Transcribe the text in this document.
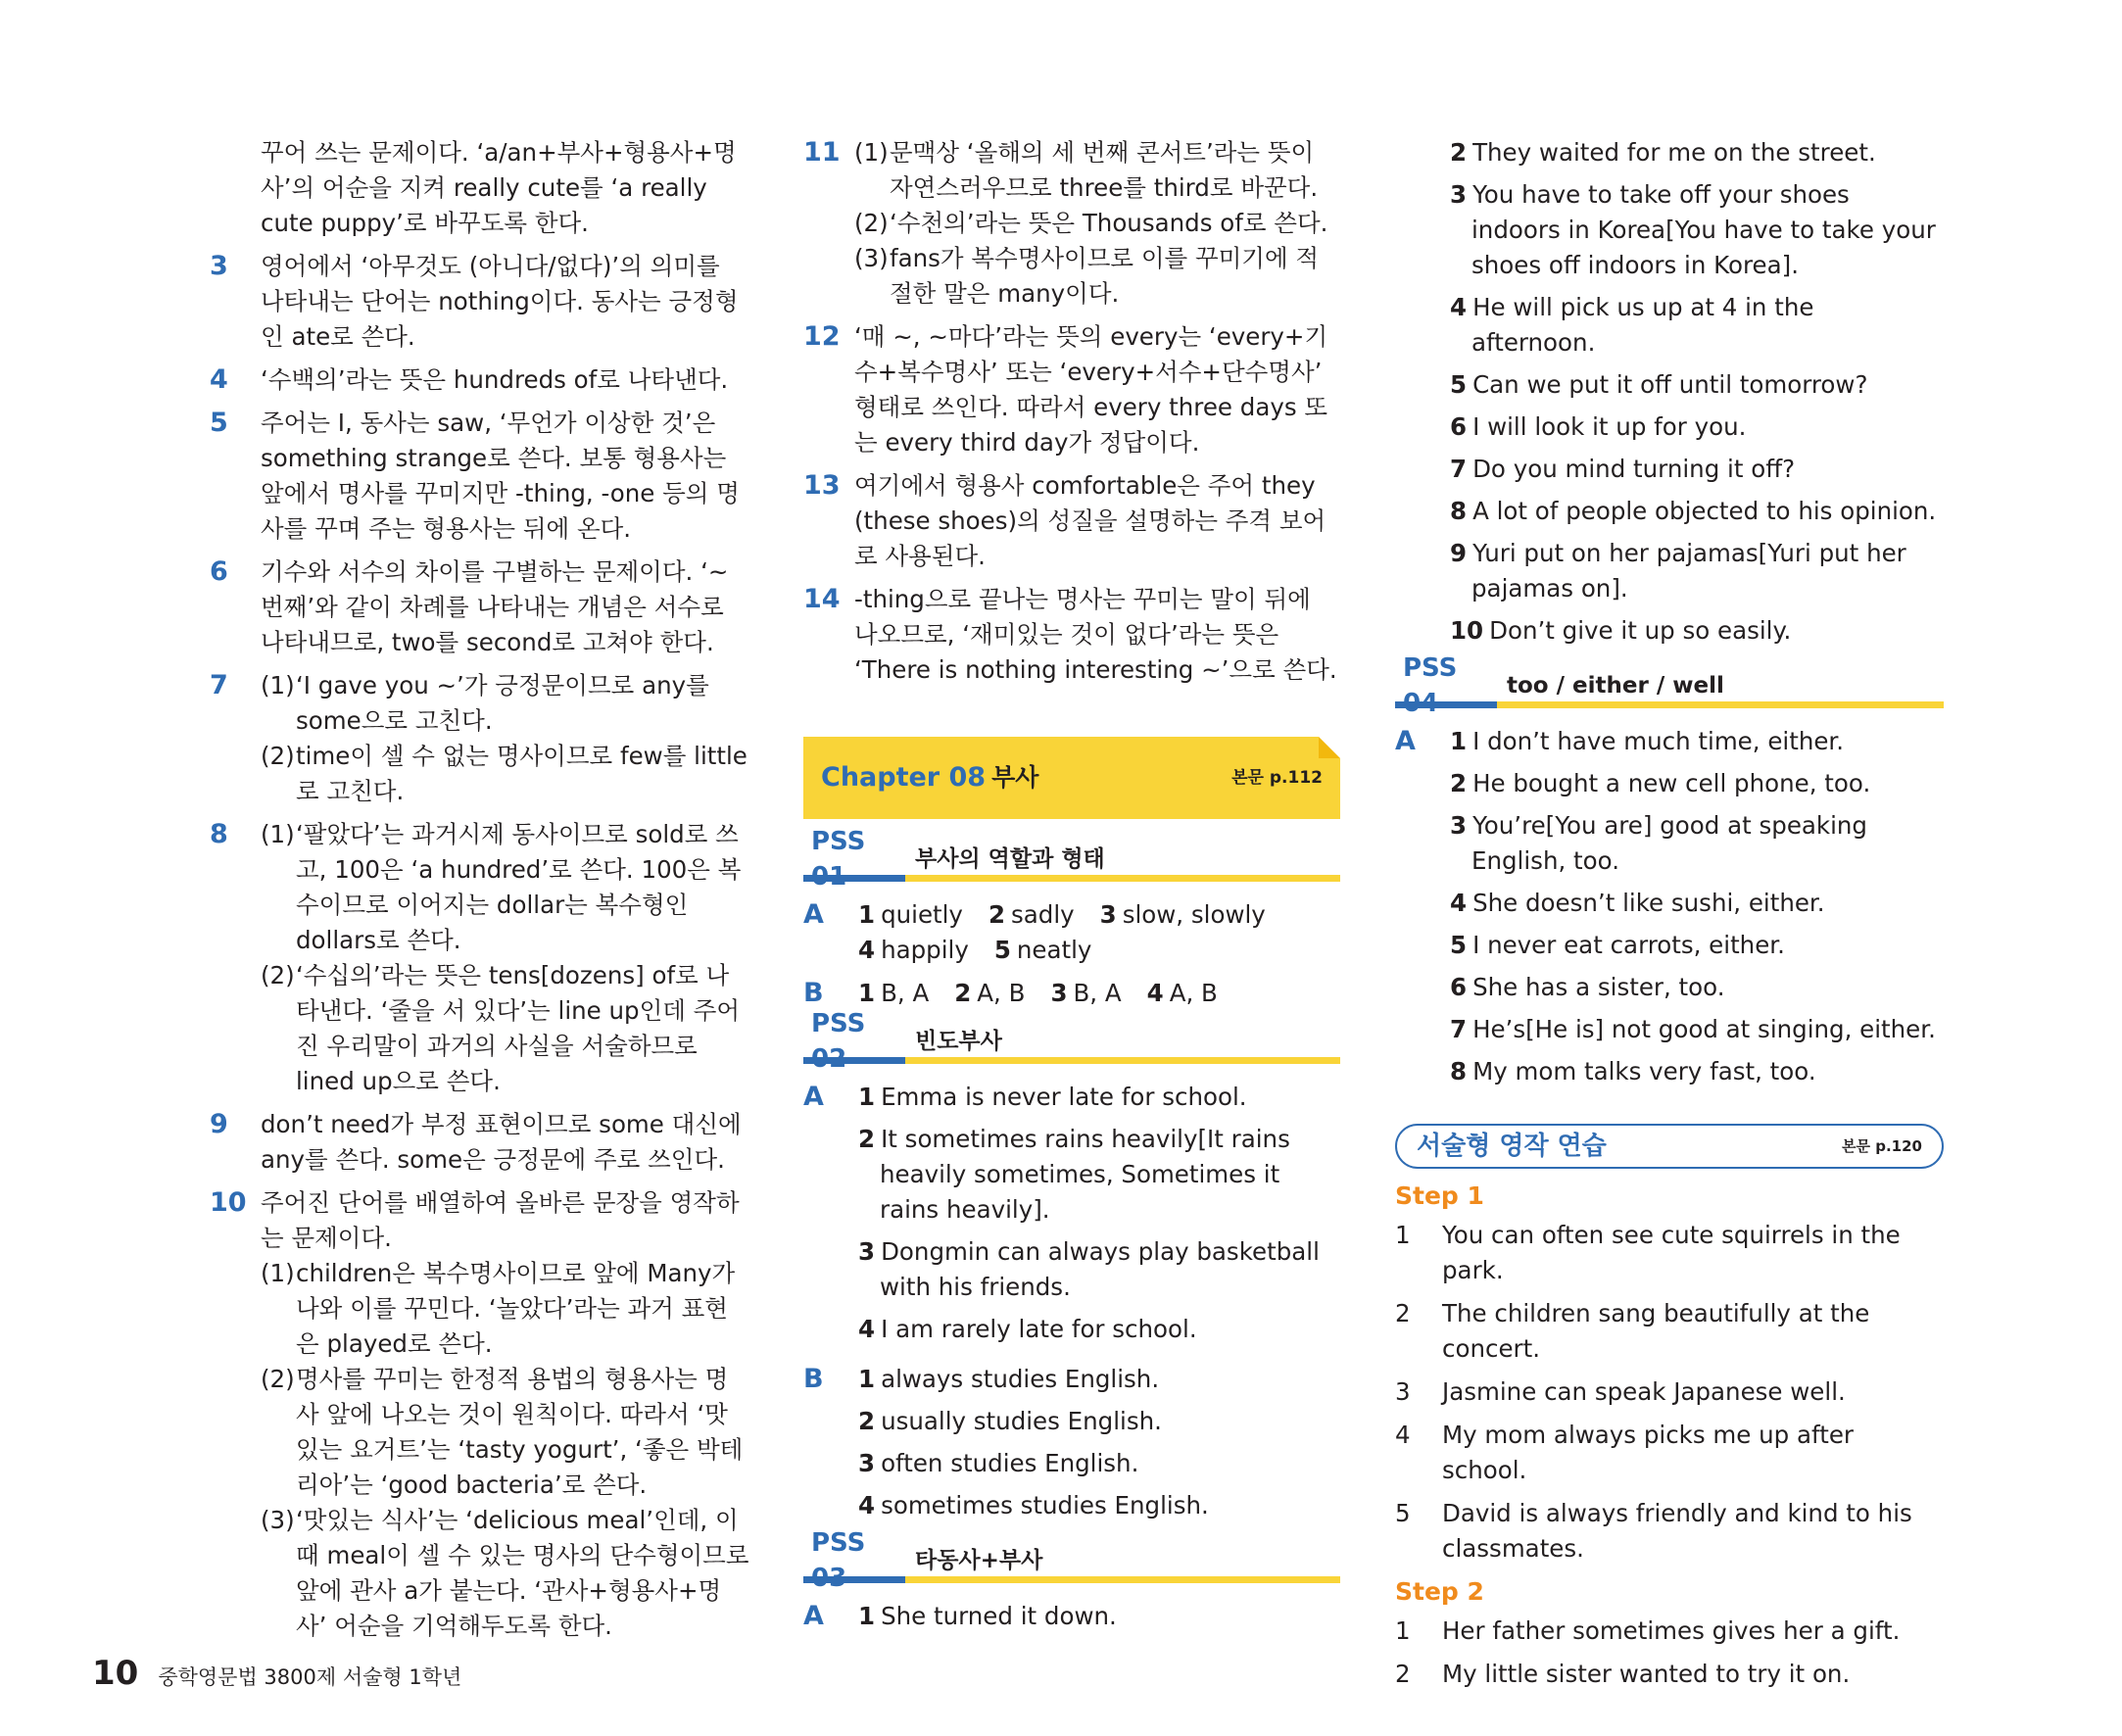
꾸어 쓰는 문제이다. ‘a/an+부사+형용사+명사’의 어순을 지켜 really cute를 ‘a really cute puppy’로 바꾸도록 한다.
3	영어에서 ‘아무것도 (아니다/없다)’의 의미를 나타내는 단어는 nothing이다. 동사는 긍정형인 ate로 쓴다.
4	‘수백의’라는 뜻은 hundreds of로 나타낸다.
5	주어는 I, 동사는 saw, ‘무언가 이상한 것’은 something strange로 쓴다. 보통 형용사는 앞에서 명사를 꾸미지만 -thing, -one 등의 명사를 꾸며 주는 형용사는 뒤에 온다.
6	기수와 서수의 차이를 구별하는 문제이다. ‘~번째’와 같이 차례를 나타내는 개념은 서수로 나타내므로, two를 second로 고쳐야 한다.
7	(1)‘I gave you ~’가 긍정문이므로 any를 some으로 고친다.
(2)time이 셀 수 없는 명사이므로 few를 little로 고친다.
8	(1)‘팔았다’는 과거시제 동사이므로 sold로 쓰고, 100은 ‘a hundred’로 쓴다. 100은 복수이므로 이어지는 dollar는 복수형인 dollars로 쓴다.
(2)‘수십의’라는 뜻은 tens[dozens] of로 나타낸다. ‘줄을 서 있다’는 line up인데 주어진 우리말이 과거의 사실을 서술하므로 lined up으로 쓴다.
9	don’t need가 부정 표현이므로 some 대신에 any를 쓴다. some은 긍정문에 주로 쓰인다.
10 주어진 단어를 배열하여 올바른 문장을 영작하는 문제이다.
(1)children은 복수명사이므로 앞에 Many가 나와 이를 꾸민다. ‘놀았다’라는 과거 표현은 played로 쓴다.
(2)명사를 꾸미는 한정적 용법의 형용사는 명사 앞에 나오는 것이 원칙이다. 따라서 ‘맛있는 요거트’는 ‘tasty yogurt’, ‘좋은 박테리아’는 ‘good bacteria’로 쓴다.
(3)‘맛있는 식사’는 ‘delicious meal’인데, 이때 meal이 셀 수 있는 명사의 단수형이므로 앞에 관사 a가 붙는다. ‘관사+형용사+명사’ 어순을 기억해두도록 한다.
11 (1)문맥상 ‘올해의 세 번째 콘서트’라는 뜻이 자연스러우므로 three를 third로 바꾼다.
(2)‘수천의’라는 뜻은 Thousands of로 쓴다.
(3)fans가 복수명사이므로 이를 꾸미기에 적절한 말은 many이다.
12 ‘매 ~, ~마다’라는 뜻의 every는 ‘every+기수+복수명사’ 또는 ‘every+서수+단수명사’ 형태로 쓰인다. 따라서 every three days 또는 every third day가 정답이다.
13 여기에서 형용사 comfortable은 주어 they (these shoes)의 성질을 설명하는 주격 보어로 사용된다.
14 -thing으로 끝나는 명사는 꾸미는 말이 뒤에 나오므로, ‘재미있는 것이 없다’라는 뜻은 ‘There is nothing interesting ~’으로 쓴다.
Chapter 08 부사	본문 p.112
PSS
부사의 역할과 형태
A	1 quietly 2 sadly 3 slow, slowly
4 happily 5 neatly
B	1 B, A 2 A, B 3 B, A 4 A, B
PSS
빈도부사
A	1 Emma is never late for school.
2 It sometimes rains heavily[It rains heavily sometimes, Sometimes it rains heavily].
3 Dongmin can always play basketball with his friends.
4 I am rarely late for school.
B	1 always studies English.
2 usually studies English.
3 often studies English.
4 sometimes studies English.
PSS
타동사+부사
A	1 She turned it down.
2 They waited for me on the street.
3 You have to take off your shoes indoors in Korea[You have to take your shoes off indoors in Korea].
4 He will pick us up at 4 in the afternoon.
5 Can we put it off until tomorrow?
6 I will look it up for you.
7 Do you mind turning it off?
8 A lot of people objected to his opinion.
9 Yuri put on her pajamas[Yuri put her pajamas on].
10 Don’t give it up so easily.
PSS
too / either / well
A	1 I don’t have much time, either.
2 He bought a new cell phone, too.
3 You’re[You are] good at speaking English, too.
4 She doesn’t like sushi, either.
5 I never eat carrots, either.
6 She has a sister, too.
7 He’s[He is] not good at singing, either.
8 My mom talks very fast, too.
서술형 영작 연습	본문 p.120
Step 1
1	You can often see cute squirrels in the park.
2	The children sang beautifully at the concert.
3	Jasmine can speak Japanese well.
4	My mom always picks me up after school.
5	David is always friendly and kind to his classmates.
Step 2
1	Her father sometimes gives her a gift.
2	My little sister wanted to try it on.
10 중학영문법 3800제 서술형 1학년
